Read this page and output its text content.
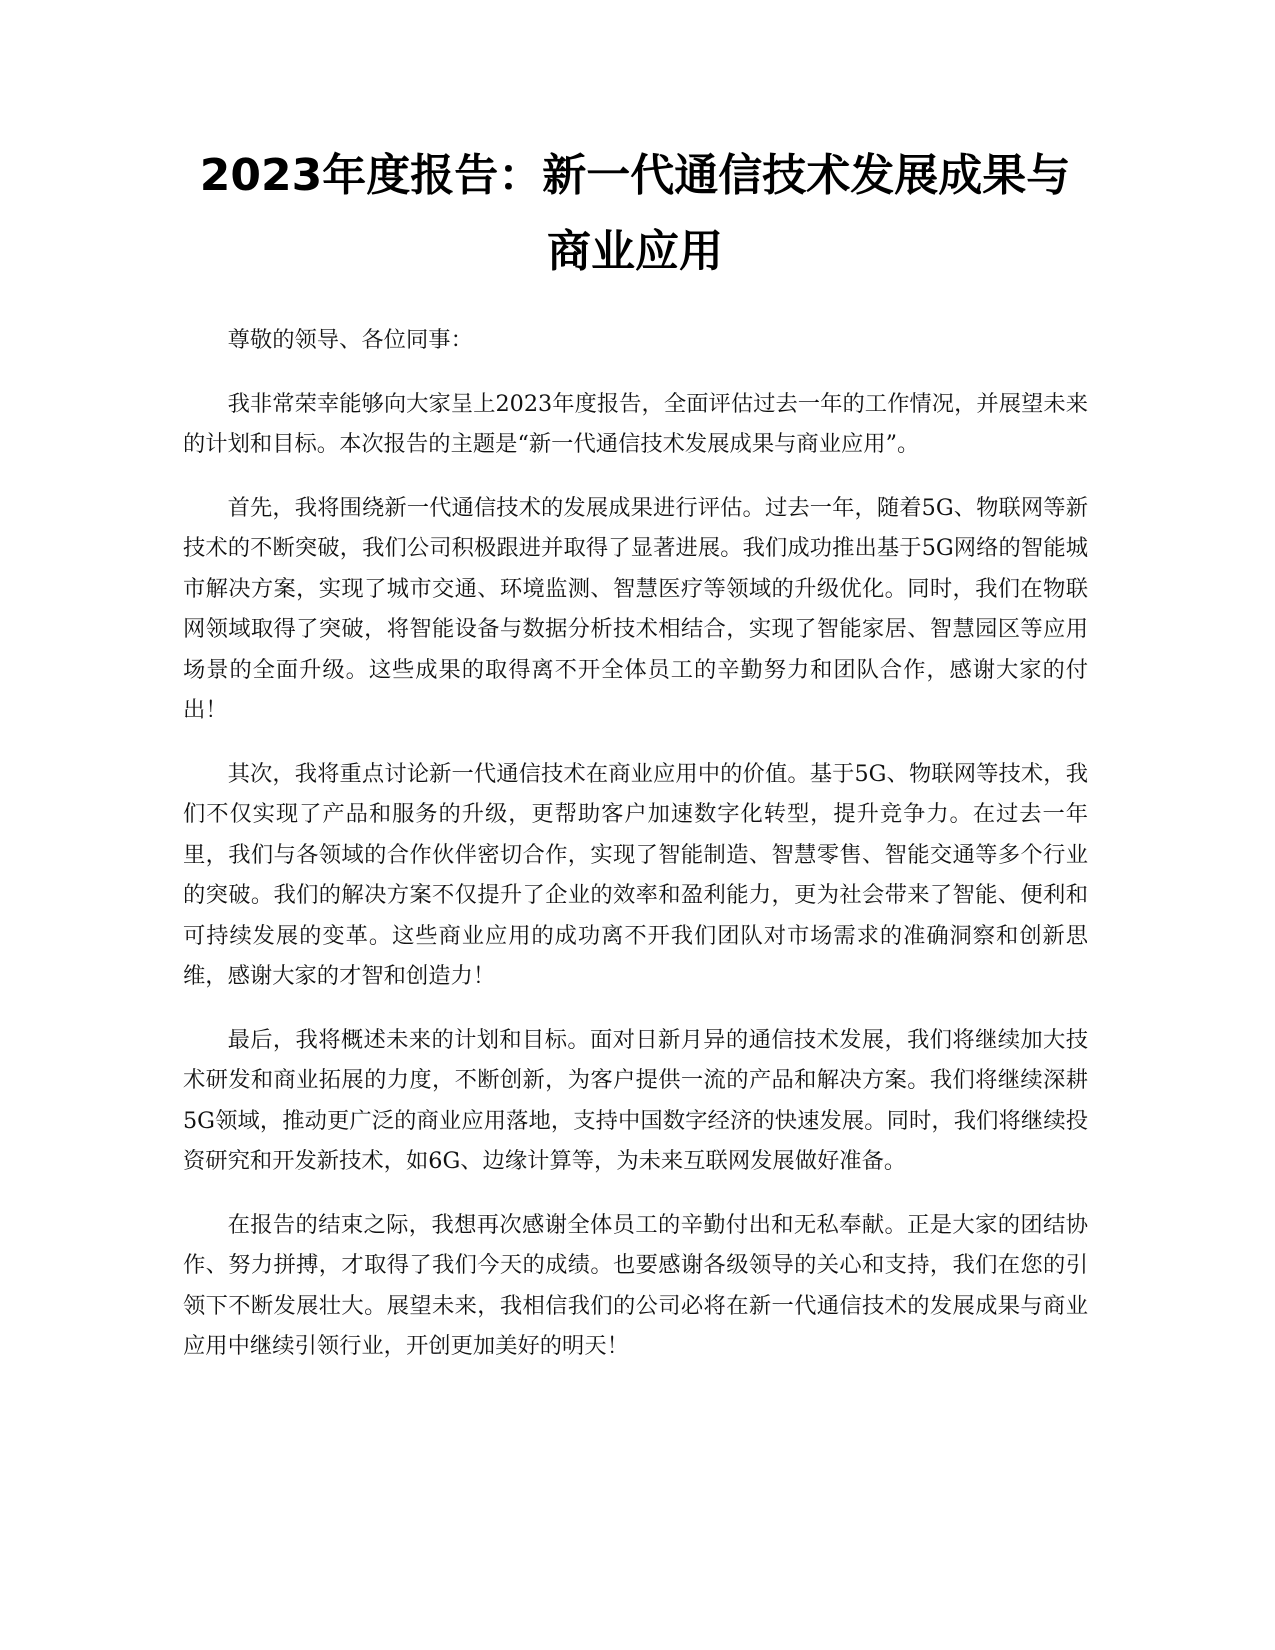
2023年度报告：新一代通信技术发展成果与商业应用

尊敬的领导、各位同事：

我非常荣幸能够向大家呈上2023年度报告，全面评估过去一年的工作情况，并展望未来的计划和目标。本次报告的主题是“新一代通信技术发展成果与商业应用”。

首先，我将围绕新一代通信技术的发展成果进行评估。过去一年，随着5G、物联网等新技术的不断突破，我们公司积极跟进并取得了显著进展。我们成功推出基于5G网络的智能城市解决方案，实现了城市交通、环境监测、智慧医疗等领域的升级优化。同时，我们在物联网领域取得了突破，将智能设备与数据分析技术相结合，实现了智能家居、智慧园区等应用场景的全面升级。这些成果的取得离不开全体员工的辛勤努力和团队合作，感谢大家的付出！

其次，我将重点讨论新一代通信技术在商业应用中的价值。基于5G、物联网等技术，我们不仅实现了产品和服务的升级，更帮助客户加速数字化转型，提升竞争力。在过去一年里，我们与各领域的合作伙伴密切合作，实现了智能制造、智慧零售、智能交通等多个行业的突破。我们的解决方案不仅提升了企业的效率和盈利能力，更为社会带来了智能、便利和可持续发展的变革。这些商业应用的成功离不开我们团队对市场需求的准确洞察和创新思维，感谢大家的才智和创造力！

最后，我将概述未来的计划和目标。面对日新月异的通信技术发展，我们将继续加大技术研发和商业拓展的力度，不断创新，为客户提供一流的产品和解决方案。我们将继续深耕5G领域，推动更广泛的商业应用落地，支持中国数字经济的快速发展。同时，我们将继续投资研究和开发新技术，如6G、边缘计算等，为未来互联网发展做好准备。

在报告的结束之际，我想再次感谢全体员工的辛勤付出和无私奉献。正是大家的团结协作、努力拼搏，才取得了我们今天的成绩。也要感谢各级领导的关心和支持，我们在您的引领下不断发展壮大。展望未来，我相信我们的公司必将在新一代通信技术的发展成果与商业应用中继续引领行业，开创更加美好的明天！
